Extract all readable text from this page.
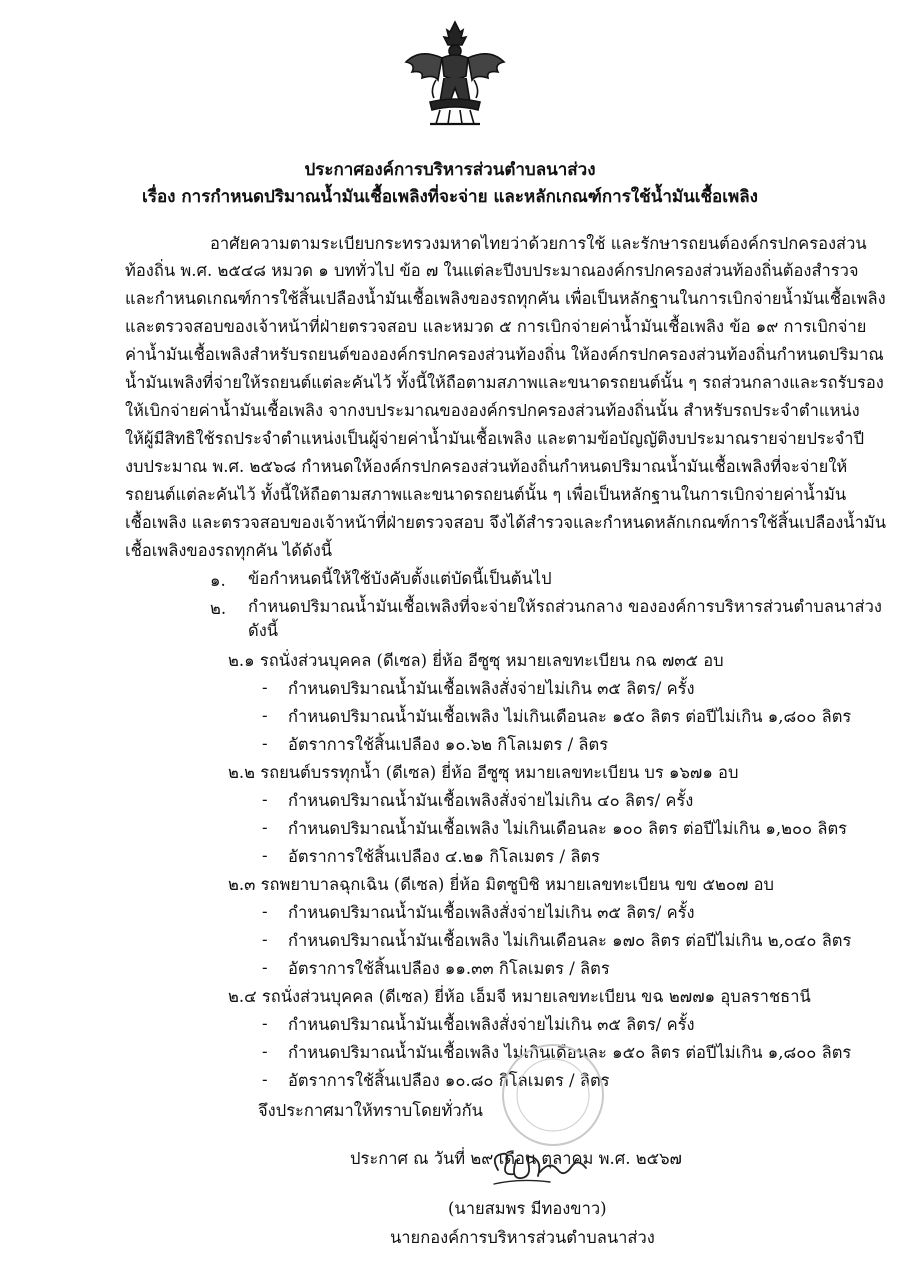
ประกาศองค์การบริหารส่วนตำบลนาส่วง
เรื่อง การกำหนดปริมาณน้ำมันเชื้อเพลิงที่จะจ่าย และหลักเกณฑ์การใช้น้ำมันเชื้อเพลิง
อาศัยความตามระเบียบกระทรวงมหาดไทยว่าด้วยการใช้ และรักษารถยนต์องค์กรปกครองส่วน
ท้องถิ่น พ.ศ. ๒๕๔๘ หมวด ๑ บททั่วไป ข้อ ๗ ในแต่ละปีงบประมาณองค์กรปกครองส่วนท้องถิ่นต้องสำรวจ
และกำหนดเกณฑ์การใช้สิ้นเปลืองน้ำมันเชื้อเพลิงของรถทุกคัน เพื่อเป็นหลักฐานในการเบิกจ่ายน้ำมันเชื้อเพลิง
และตรวจสอบของเจ้าหน้าที่ฝ่ายตรวจสอบ และหมวด ๕ การเบิกจ่ายค่าน้ำมันเชื้อเพลิง ข้อ ๑๙ การเบิกจ่าย
ค่าน้ำมันเชื้อเพลิงสำหรับรถยนต์ขององค์กรปกครองส่วนท้องถิ่น ให้องค์กรปกครองส่วนท้องถิ่นกำหนดปริมาณ
น้ำมันเพลิงที่จ่ายให้รถยนต์แต่ละคันไว้ ทั้งนี้ให้ถือตามสภาพและขนาดรถยนต์นั้น ๆ รถส่วนกลางและรถรับรอง
ให้เบิกจ่ายค่าน้ำมันเชื้อเพลิง จากงบประมาณขององค์กรปกครองส่วนท้องถิ่นนั้น สำหรับรถประจำตำแหน่ง
ให้ผู้มีสิทธิใช้รถประจำตำแหน่งเป็นผู้จ่ายค่าน้ำมันเชื้อเพลิง และตามข้อบัญญัติงบประมาณรายจ่ายประจำปี
งบประมาณ พ.ศ. ๒๕๖๘ กำหนดให้องค์กรปกครองส่วนท้องถิ่นกำหนดปริมาณน้ำมันเชื้อเพลิงที่จะจ่ายให้
รถยนต์แต่ละคันไว้ ทั้งนี้ให้ถือตามสภาพและขนาดรถยนต์นั้น ๆ เพื่อเป็นหลักฐานในการเบิกจ่ายค่าน้ำมัน
เชื้อเพลิง และตรวจสอบของเจ้าหน้าที่ฝ่ายตรวจสอบ จึงได้สำรวจและกำหนดหลักเกณฑ์การใช้สิ้นเปลืองน้ำมัน
เชื้อเพลิงของรถทุกคัน ได้ดังนี้
๑. ข้อกำหนดนี้ให้ใช้บังคับตั้งแต่บัดนี้เป็นต้นไป
๒. กำหนดปริมาณน้ำมันเชื้อเพลิงที่จะจ่ายให้รถส่วนกลาง ขององค์การบริหารส่วนตำบลนาส่วง
ดังนี้
๒.๑ รถนั่งส่วนบุคคล (ดีเซล) ยี่ห้อ อีซูซุ หมายเลขทะเบียน กฉ ๗๓๕ อบ
- กำหนดปริมาณน้ำมันเชื้อเพลิงสั่งจ่ายไม่เกิน ๓๕ ลิตร/ ครั้ง
- กำหนดปริมาณน้ำมันเชื้อเพลิง ไม่เกินเดือนละ ๑๕๐ ลิตร ต่อปีไม่เกิน ๑,๘๐๐ ลิตร
- อัตราการใช้สิ้นเปลือง ๑๐.๖๒ กิโลเมตร / ลิตร
๒.๒ รถยนต์บรรทุกน้ำ (ดีเซล) ยี่ห้อ อีซูซุ หมายเลขทะเบียน บร ๑๖๗๑ อบ
- กำหนดปริมาณน้ำมันเชื้อเพลิงสั่งจ่ายไม่เกิน ๔๐ ลิตร/ ครั้ง
- กำหนดปริมาณน้ำมันเชื้อเพลิง ไม่เกินเดือนละ ๑๐๐ ลิตร ต่อปีไม่เกิน ๑,๒๐๐ ลิตร
- อัตราการใช้สิ้นเปลือง ๔.๒๑ กิโลเมตร / ลิตร
๒.๓ รถพยาบาลฉุกเฉิน (ดีเซล) ยี่ห้อ มิตซูบิชิ หมายเลขทะเบียน ขข ๕๒๐๗ อบ
- กำหนดปริมาณน้ำมันเชื้อเพลิงสั่งจ่ายไม่เกิน ๓๕ ลิตร/ ครั้ง
- กำหนดปริมาณน้ำมันเชื้อเพลิง ไม่เกินเดือนละ ๑๗๐ ลิตร ต่อปีไม่เกิน ๒,๐๔๐ ลิตร
- อัตราการใช้สิ้นเปลือง ๑๑.๓๓ กิโลเมตร / ลิตร
๒.๔ รถนั่งส่วนบุคคล (ดีเซล) ยี่ห้อ เอ็มจี หมายเลขทะเบียน ขฉ ๒๗๗๑ อุบลราชธานี
- กำหนดปริมาณน้ำมันเชื้อเพลิงสั่งจ่ายไม่เกิน ๓๕ ลิตร/ ครั้ง
- กำหนดปริมาณน้ำมันเชื้อเพลิง ไม่เกินเดือนละ ๑๕๐ ลิตร ต่อปีไม่เกิน ๑,๘๐๐ ลิตร
- อัตราการใช้สิ้นเปลือง ๑๐.๘๐ กิโลเมตร / ลิตร
จึงประกาศมาให้ทราบโดยทั่วกัน
ประกาศ ณ วันที่ ๒๙ เดือน ตุลาคม พ.ศ. ๒๕๖๗
(นายสมพร มีทองขาว)
นายกองค์การบริหารส่วนตำบลนาส่วง
